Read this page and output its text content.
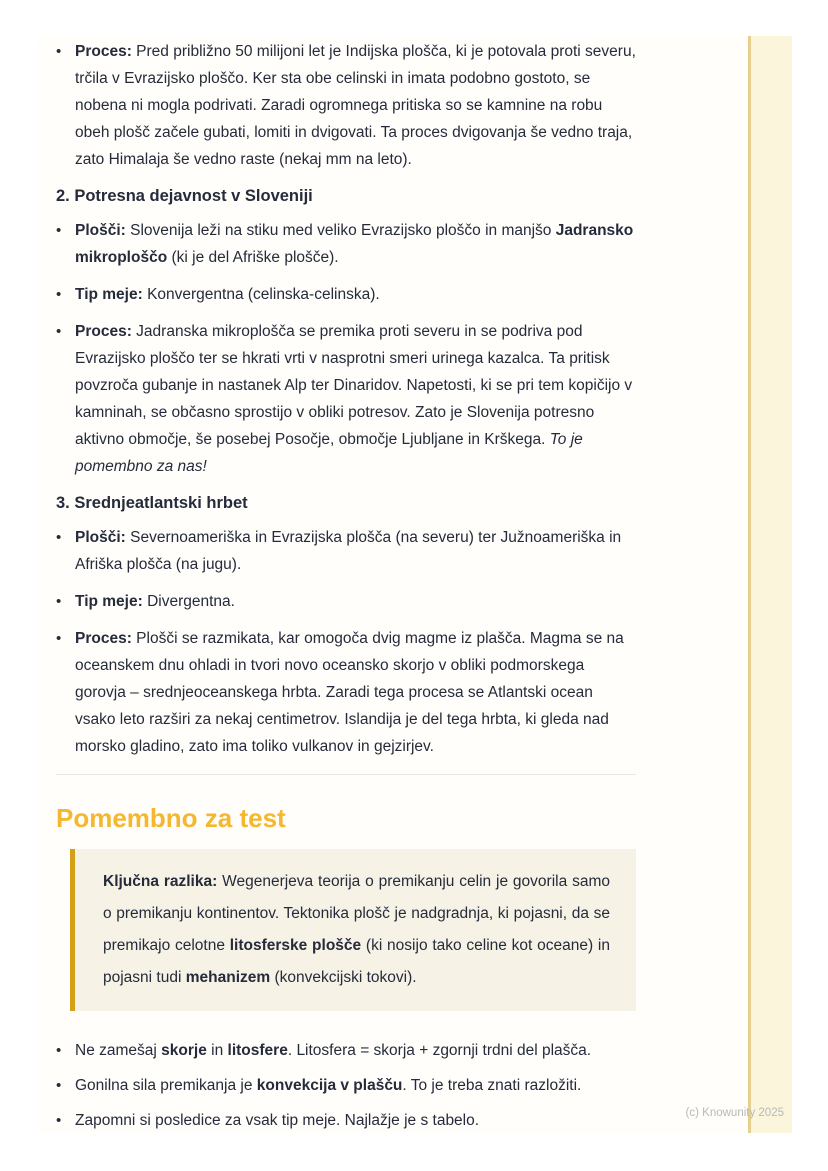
• Proces: Pred približno 50 milijoni let je Indijska plošča, ki je potovala proti severu, trčila v Evrazijsko ploščo. Ker sta obe celinski in imata podobno gostoto, se nobena ni mogla podrivati. Zaradi ogromnega pritiska so se kamnine na robu obeh plošč začele gubati, lomiti in dvigovati. Ta proces dvigovanja še vedno traja, zato Himalaja še vedno raste (nekaj mm na leto).
2. Potresna dejavnost v Sloveniji
• Plošči: Slovenija leži na stiku med veliko Evrazijsko ploščo in manjšo Jadransko mikroploščo (ki je del Afriške plošče).
• Tip meje: Konvergentna (celinska-celinska).
• Proces: Jadranska mikroplošča se premika proti severu in se podriva pod Evrazijsko ploščo ter se hkrati vrti v nasprotni smeri urinega kazalca. Ta pritisk povzroča gubanje in nastanek Alp ter Dinaridov. Napetosti, ki se pri tem kopičijo v kamninah, se občasno sprostijo v obliki potresov. Zato je Slovenija potresno aktivno območje, še posebej Posočje, območje Ljubljane in Krškega. To je pomembno za nas!
3. Srednjeatlantski hrbet
• Plošči: Severnoameriška in Evrazijska plošča (na severu) ter Južnoameriška in Afriška plošča (na jugu).
• Tip meje: Divergentna.
• Proces: Plošči se razmikata, kar omogoča dvig magme iz plašča. Magma se na oceanskem dnu ohladi in tvori novo oceansko skorjo v obliki podmorskega gorovja – srednjeoceanskega hrbta. Zaradi tega procesa se Atlantski ocean vsako leto razširi za nekaj centimetrov. Islandija je del tega hrbta, ki gleda nad morsko gladino, zato ima toliko vulkanov in gejzirjev.
Pomembno za test
Ključna razlika: Wegenerjeva teorija o premikanju celin je govorila samo o premikanju kontinentov. Tektonika plošč je nadgradnja, ki pojasni, da se premikajo celotne litosferske plošče (ki nosijo tako celine kot oceane) in pojasni tudi mehanizem (konvekcijski tokovi).
• Ne zamešaj skorje in litosfere. Litosfera = skorja + zgornji trdni del plašča.
• Gonilna sila premikanja je konvekcija v plašču. To je treba znati razložiti.
• Zapomni si posledice za vsak tip meje. Najlažje je s tabelo.	(c) Knowunity 2025
